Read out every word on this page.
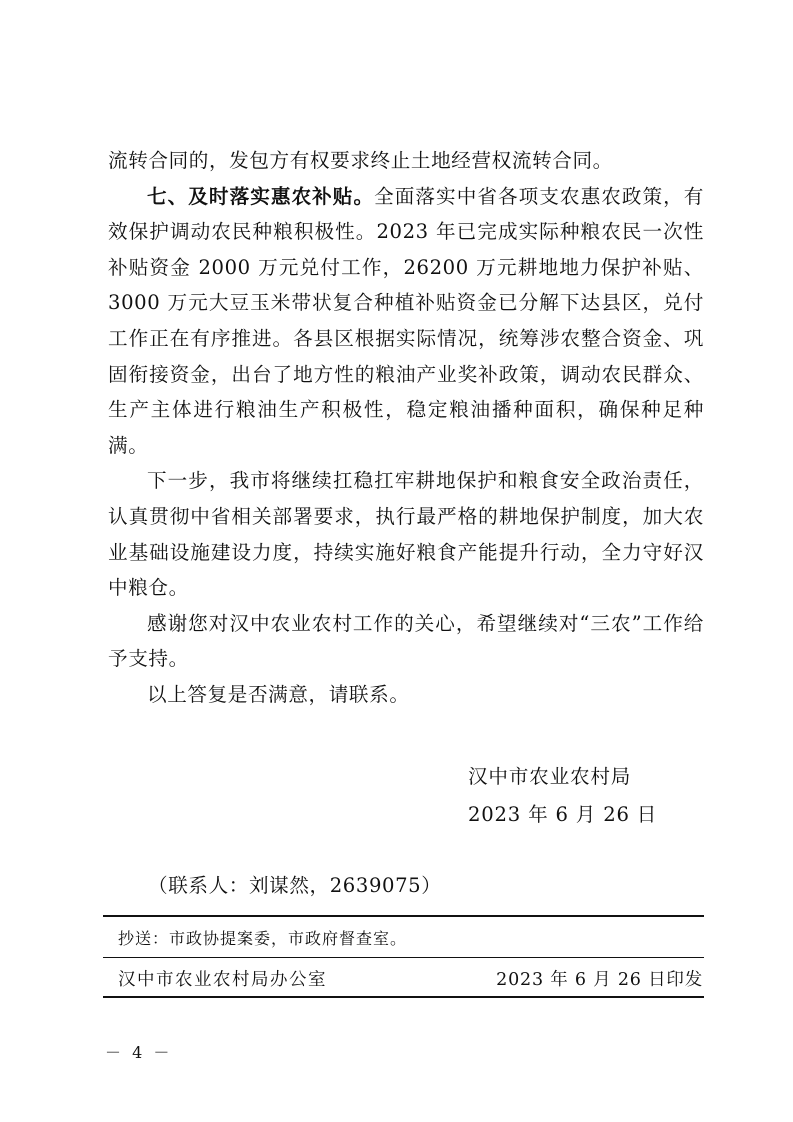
流转合同的，发包方有权要求终止土地经营权流转合同。

七、及时落实惠农补贴。全面落实中省各项支农惠农政策，有效保护调动农民种粮积极性。2023 年已完成实际种粮农民一次性补贴资金 2000 万元兑付工作，26200 万元耕地地力保护补贴、3000 万元大豆玉米带状复合种植补贴资金已分解下达县区，兑付工作正在有序推进。各县区根据实际情况，统筹涉农整合资金、巩固衔接资金，出台了地方性的粮油产业奖补政策，调动农民群众、生产主体进行粮油生产积极性，稳定粮油播种面积，确保种足种满。

下一步，我市将继续扛稳扛牢耕地保护和粮食安全政治责任，认真贯彻中省相关部署要求，执行最严格的耕地保护制度，加大农业基础设施建设力度，持续实施好粮食产能提升行动，全力守好汉中粮仓。

感谢您对汉中农业农村工作的关心，希望继续对“三农”工作给予支持。

以上答复是否满意，请联系。

汉中市农业农村局
2023 年 6 月 26 日
（联系人：刘谋然，2639075）
抄送：市政协提案委，市政府督查室。
汉中市农业农村局办公室	2023 年 6 月 26 日印发
－ 4 －
